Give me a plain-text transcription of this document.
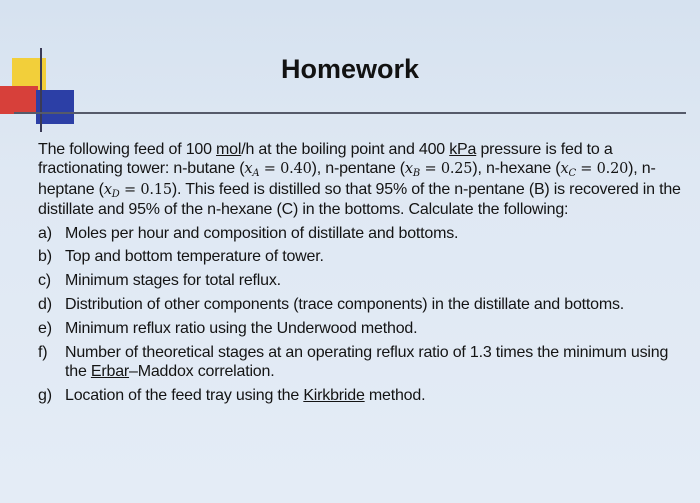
Homework
The following feed of 100 mol/h at the boiling point and 400 kPa pressure is fed to a fractionating tower: n-butane $(x_A = 0.40)$, n-pentane $(x_B = 0.25)$, n-hexane $(x_C = 0.20)$, n-heptane $(x_D = 0.15)$. This feed is distilled so that 95% of the n-pentane (B) is recovered in the distillate and 95% of the n-hexane (C) in the bottoms. Calculate the following:
a) Moles per hour and composition of distillate and bottoms.
b) Top and bottom temperature of tower.
c) Minimum stages for total reflux.
d) Distribution of other components (trace components) in the distillate and bottoms.
e) Minimum reflux ratio using the Underwood method.
f)	Number of theoretical stages at an operating reflux ratio of 1.3 times the minimum using the Erbar–Maddox correlation.
g) Location of the feed tray using the Kirkbride method.
